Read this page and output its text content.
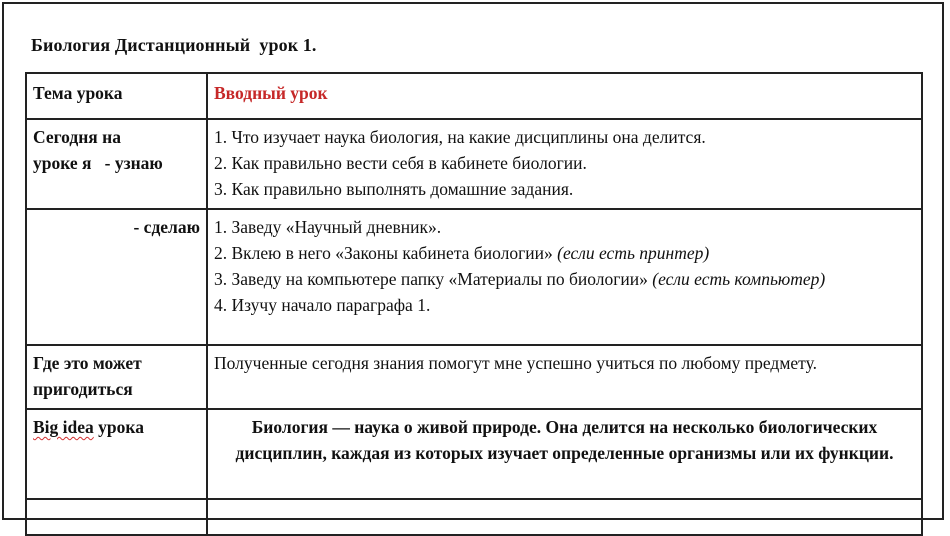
Биология Дистанционный  урок 1.
Тема урока	Вводный урок

Сегодня на
уроке я   - узнаю	1. Что изучает наука биология, на какие дисциплины она делится.
2. Как правильно вести себя в кабинете биологии.
3. Как правильно выполнять домашние задания.

- сделаю	1. Заведу «Научный дневник».
2. Вклею в него «Законы кабинета биологии» (если есть принтер)
3. Заведу на компьютере папку «Материалы по биологии» (если есть компьютер)
4. Изучу начало параграфа 1.

Где это может
пригодиться	Полученные сегодня знания помогут мне успешно учиться по любому предмету.
Big idea урока	Биология — наука о живой природе. Она делится на несколько биологических дисциплин, каждая из которых изучает определенные организмы или их функции.
